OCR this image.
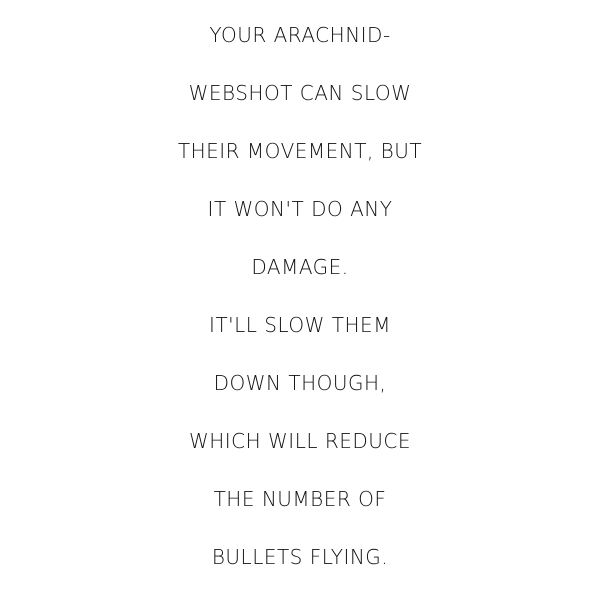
YOUR ARACHNID-
WEBSHOT CAN SLOW
THEIR MOVEMENT, BUT
IT WON'T DO ANY
DAMAGE.
IT'LL SLOW THEM
DOWN THOUGH,
WHICH WILL REDUCE
THE NUMBER OF
BULLETS FLYING.
